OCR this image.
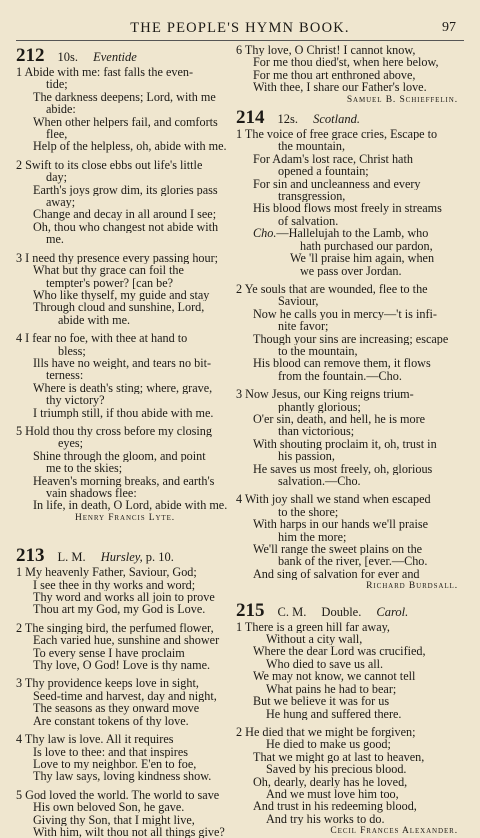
THE PEOPLE'S HYMN BOOK.	97
212 10s. Eventide
1 Abide with me: fast falls the even-
tide;
The darkness deepens; Lord, with me
abide:
When other helpers fail, and comforts
flee,
Help of the helpless, oh, abide with me.
2 Swift to its close ebbs out life's little
day;
Earth's joys grow dim, its glories pass
away;
Change and decay in all around I see;
Oh, thou who changest not abide with
me.
3 I need thy presence every passing hour;
What but thy grace can foil the
tempter's power? [can be?
Who like thyself, my guide and stay
Through cloud and sunshine, Lord,
abide with me.
4 I fear no foe, with thee at hand to
bless;
Ills have no weight, and tears no bit-
terness:
Where is death's sting; where, grave,
thy victory?
I triumph still, if thou abide with me.
5 Hold thou thy cross before my closing
eyes;
Shine through the gloom, and point
me to the skies;
Heaven's morning breaks, and earth's
vain shadows flee:
In life, in death, O Lord, abide with me.
Henry Francis Lyte.
213 L. M. Hursley, p. 10.
1 My heavenly Father, Saviour, God;
I see thee in thy works and word;
Thy word and works all join to prove
Thou art my God, my God is Love.
2 The singing bird, the perfumed flower,
Each varied hue, sunshine and shower
To every sense I have proclaim
Thy love, O God! Love is thy name.
3 Thy providence keeps love in sight,
Seed-time and harvest, day and night,
The seasons as they onward move
Are constant tokens of thy love.
4 Thy law is love. All it requires
Is love to thee: and that inspires
Love to my neighbor. E'en to foe,
Thy law says, loving kindness show.
5 God loved the world. The world to save
His own beloved Son, he gave.
Giving thy Son, that I might live,
With him, wilt thou not all things give?
6 Thy love, O Christ! I cannot know,
For me thou died'st, when here below,
For me thou art enthroned above,
With thee, I share our Father's love.
Samuel B. Schieffelin.
214 12s. Scotland.
1 The voice of free grace cries, Escape to
the mountain,
For Adam's lost race, Christ hath
opened a fountain;
For sin and uncleanness and every
transgression,
His blood flows most freely in streams
of salvation.
Cho.—Hallelujah to the Lamb, who
hath purchased our pardon,
We 'll praise him again, when
we pass over Jordan.
2 Ye souls that are wounded, flee to the
Saviour,
Now he calls you in mercy—'t is infi-
nite favor;
Though your sins are increasing; escape
to the mountain,
His blood can remove them, it flows
from the fountain.—Cho.
3 Now Jesus, our King reigns trium-
phantly glorious;
O'er sin, death, and hell, he is more
than victorious;
With shouting proclaim it, oh, trust in
his passion,
He saves us most freely, oh, glorious
salvation.—Cho.
4 With joy shall we stand when escaped
to the shore;
With harps in our hands we'll praise
him the more;
We'll range the sweet plains on the
bank of the river, [ever.—Cho.
And sing of salvation for ever and
Richard Burdsall.
215 C. M. Double. Carol.
1 There is a green hill far away,
Without a city wall,
Where the dear Lord was crucified,
Who died to save us all.
We may not know, we cannot tell
What pains he had to bear;
But we believe it was for us
He hung and suffered there.
2 He died that we might be forgiven;
He died to make us good;
That we might go at last to heaven,
Saved by his precious blood.
Oh, dearly, dearly has he loved,
And we must love him too,
And trust in his redeeming blood,
And try his works to do.
Cecil Frances Alexander.
